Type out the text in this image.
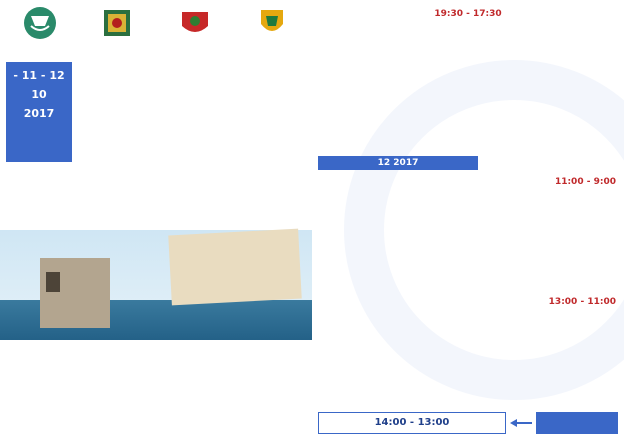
12 - 11 - 10
2017
17:30 - 19:30
2017 12
9:00 - 11:00
11:00 - 13:00
13:00 - 14:00
